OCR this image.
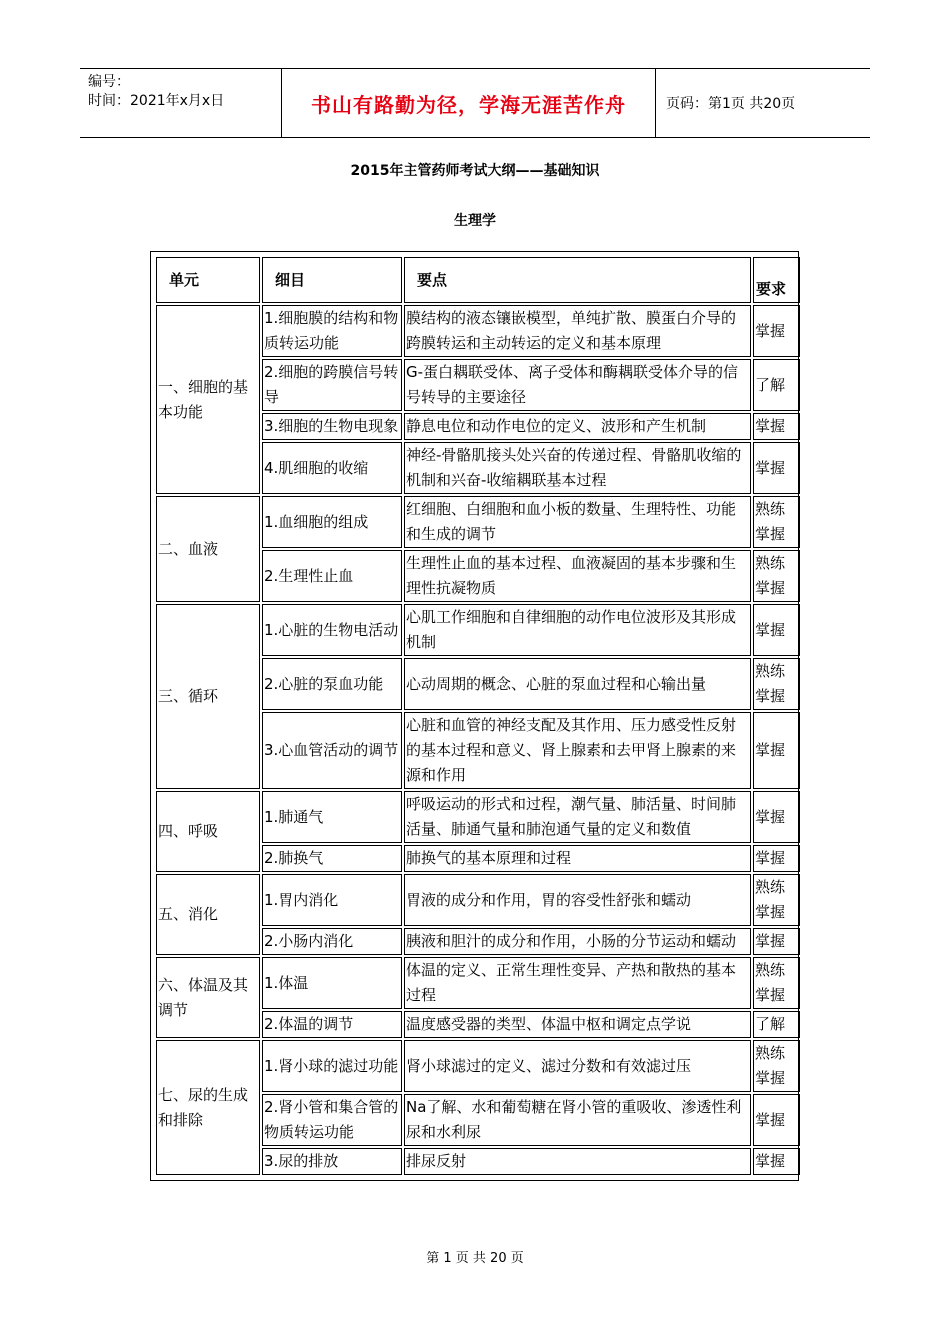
编号：
时间：2021年x月x日	书山有路勤为径，学海无涯苦作舟	页码：第1页 共20页
2015年主管药师考试大纲——基础知识
生理学
单元	细目	要点	要求
一、细胞的基本功能	1.细胞膜的结构和物质转运功能	膜结构的液态镶嵌模型，单纯扩散、膜蛋白介导的跨膜转运和主动转运的定义和基本原理	掌握
	2.细胞的跨膜信号转导	G-蛋白耦联受体、离子受体和酶耦联受体介导的信号转导的主要途径	了解
	3.细胞的生物电现象	静息电位和动作电位的定义、波形和产生机制	掌握
	4.肌细胞的收缩	神经-骨骼肌接头处兴奋的传递过程、骨骼肌收缩的机制和兴奋-收缩耦联基本过程	掌握
二、血液	1.血细胞的组成	红细胞、白细胞和血小板的数量、生理特性、功能和生成的调节	熟练掌握
	2.生理性止血	生理性止血的基本过程、血液凝固的基本步骤和生理性抗凝物质	熟练掌握
三、循环	1.心脏的生物电活动	心肌工作细胞和自律细胞的动作电位波形及其形成机制	掌握
	2.心脏的泵血功能	心动周期的概念、心脏的泵血过程和心输出量	熟练掌握
	3.心血管活动的调节	心脏和血管的神经支配及其作用、压力感受性反射的基本过程和意义、肾上腺素和去甲肾上腺素的来源和作用	掌握
四、呼吸	1.肺通气	呼吸运动的形式和过程，潮气量、肺活量、时间肺活量、肺通气量和肺泡通气量的定义和数值	掌握
	2.肺换气	肺换气的基本原理和过程	掌握
五、消化	1.胃内消化	胃液的成分和作用，胃的容受性舒张和蠕动	熟练掌握
	2.小肠内消化	胰液和胆汁的成分和作用，小肠的分节运动和蠕动	掌握
六、体温及其调节	1.体温	体温的定义、正常生理性变异、产热和散热的基本过程	熟练掌握
	2.体温的调节	温度感受器的类型、体温中枢和调定点学说	了解
七、尿的生成和排除	1.肾小球的滤过功能	肾小球滤过的定义、滤过分数和有效滤过压	熟练掌握
	2.肾小管和集合管的物质转运功能	Na了解、水和葡萄糖在肾小管的重吸收、渗透性利尿和水利尿	掌握
	3.尿的排放	排尿反射	掌握
第 1 页 共 20 页
